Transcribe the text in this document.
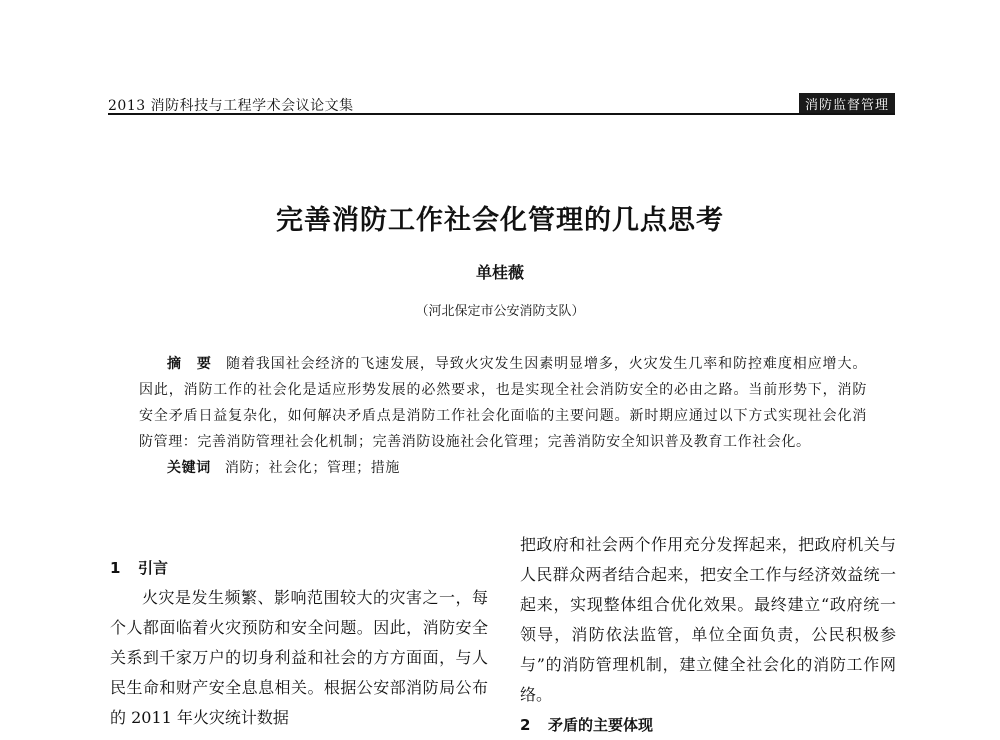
2013 消防科技与工程学术会议论文集	消防监督管理
完善消防工作社会化管理的几点思考
单桂薇
（河北保定市公安消防支队）

摘　要 随着我国社会经济的飞速发展，导致火灾发生因素明显增多，火灾发生几率和防控难度相应增大。因此，消防工作的社会化是适应形势发展的必然要求，也是实现全社会消防安全的必由之路。当前形势下，消防安全矛盾日益复杂化，如何解决矛盾点是消防工作社会化面临的主要问题。新时期应通过以下方式实现社会化消防管理：完善消防管理社会化机制；完善消防设施社会化管理；完善消防安全知识普及教育工作社会化。

关键词 消防；社会化；管理；措施

1 引言

火灾是发生频繁、影响范围较大的灾害之一，每个人都面临着火灾预防和安全问题。因此，消防安全关系到千家万户的切身利益和社会的方方面面，与人民生命和财产安全息息相关。根据公安部消防局公布的 2011 年火灾统计数据

把政府和社会两个作用充分发挥起来，把政府机关与人民群众两者结合起来，把安全工作与经济效益统一起来，实现整体组合优化效果。最终建立“政府统一领导，消防依法监管，单位全面负责，公民积极参与”的消防管理机制，建立健全社会化的消防工作网络。

2 矛盾的主要体现
